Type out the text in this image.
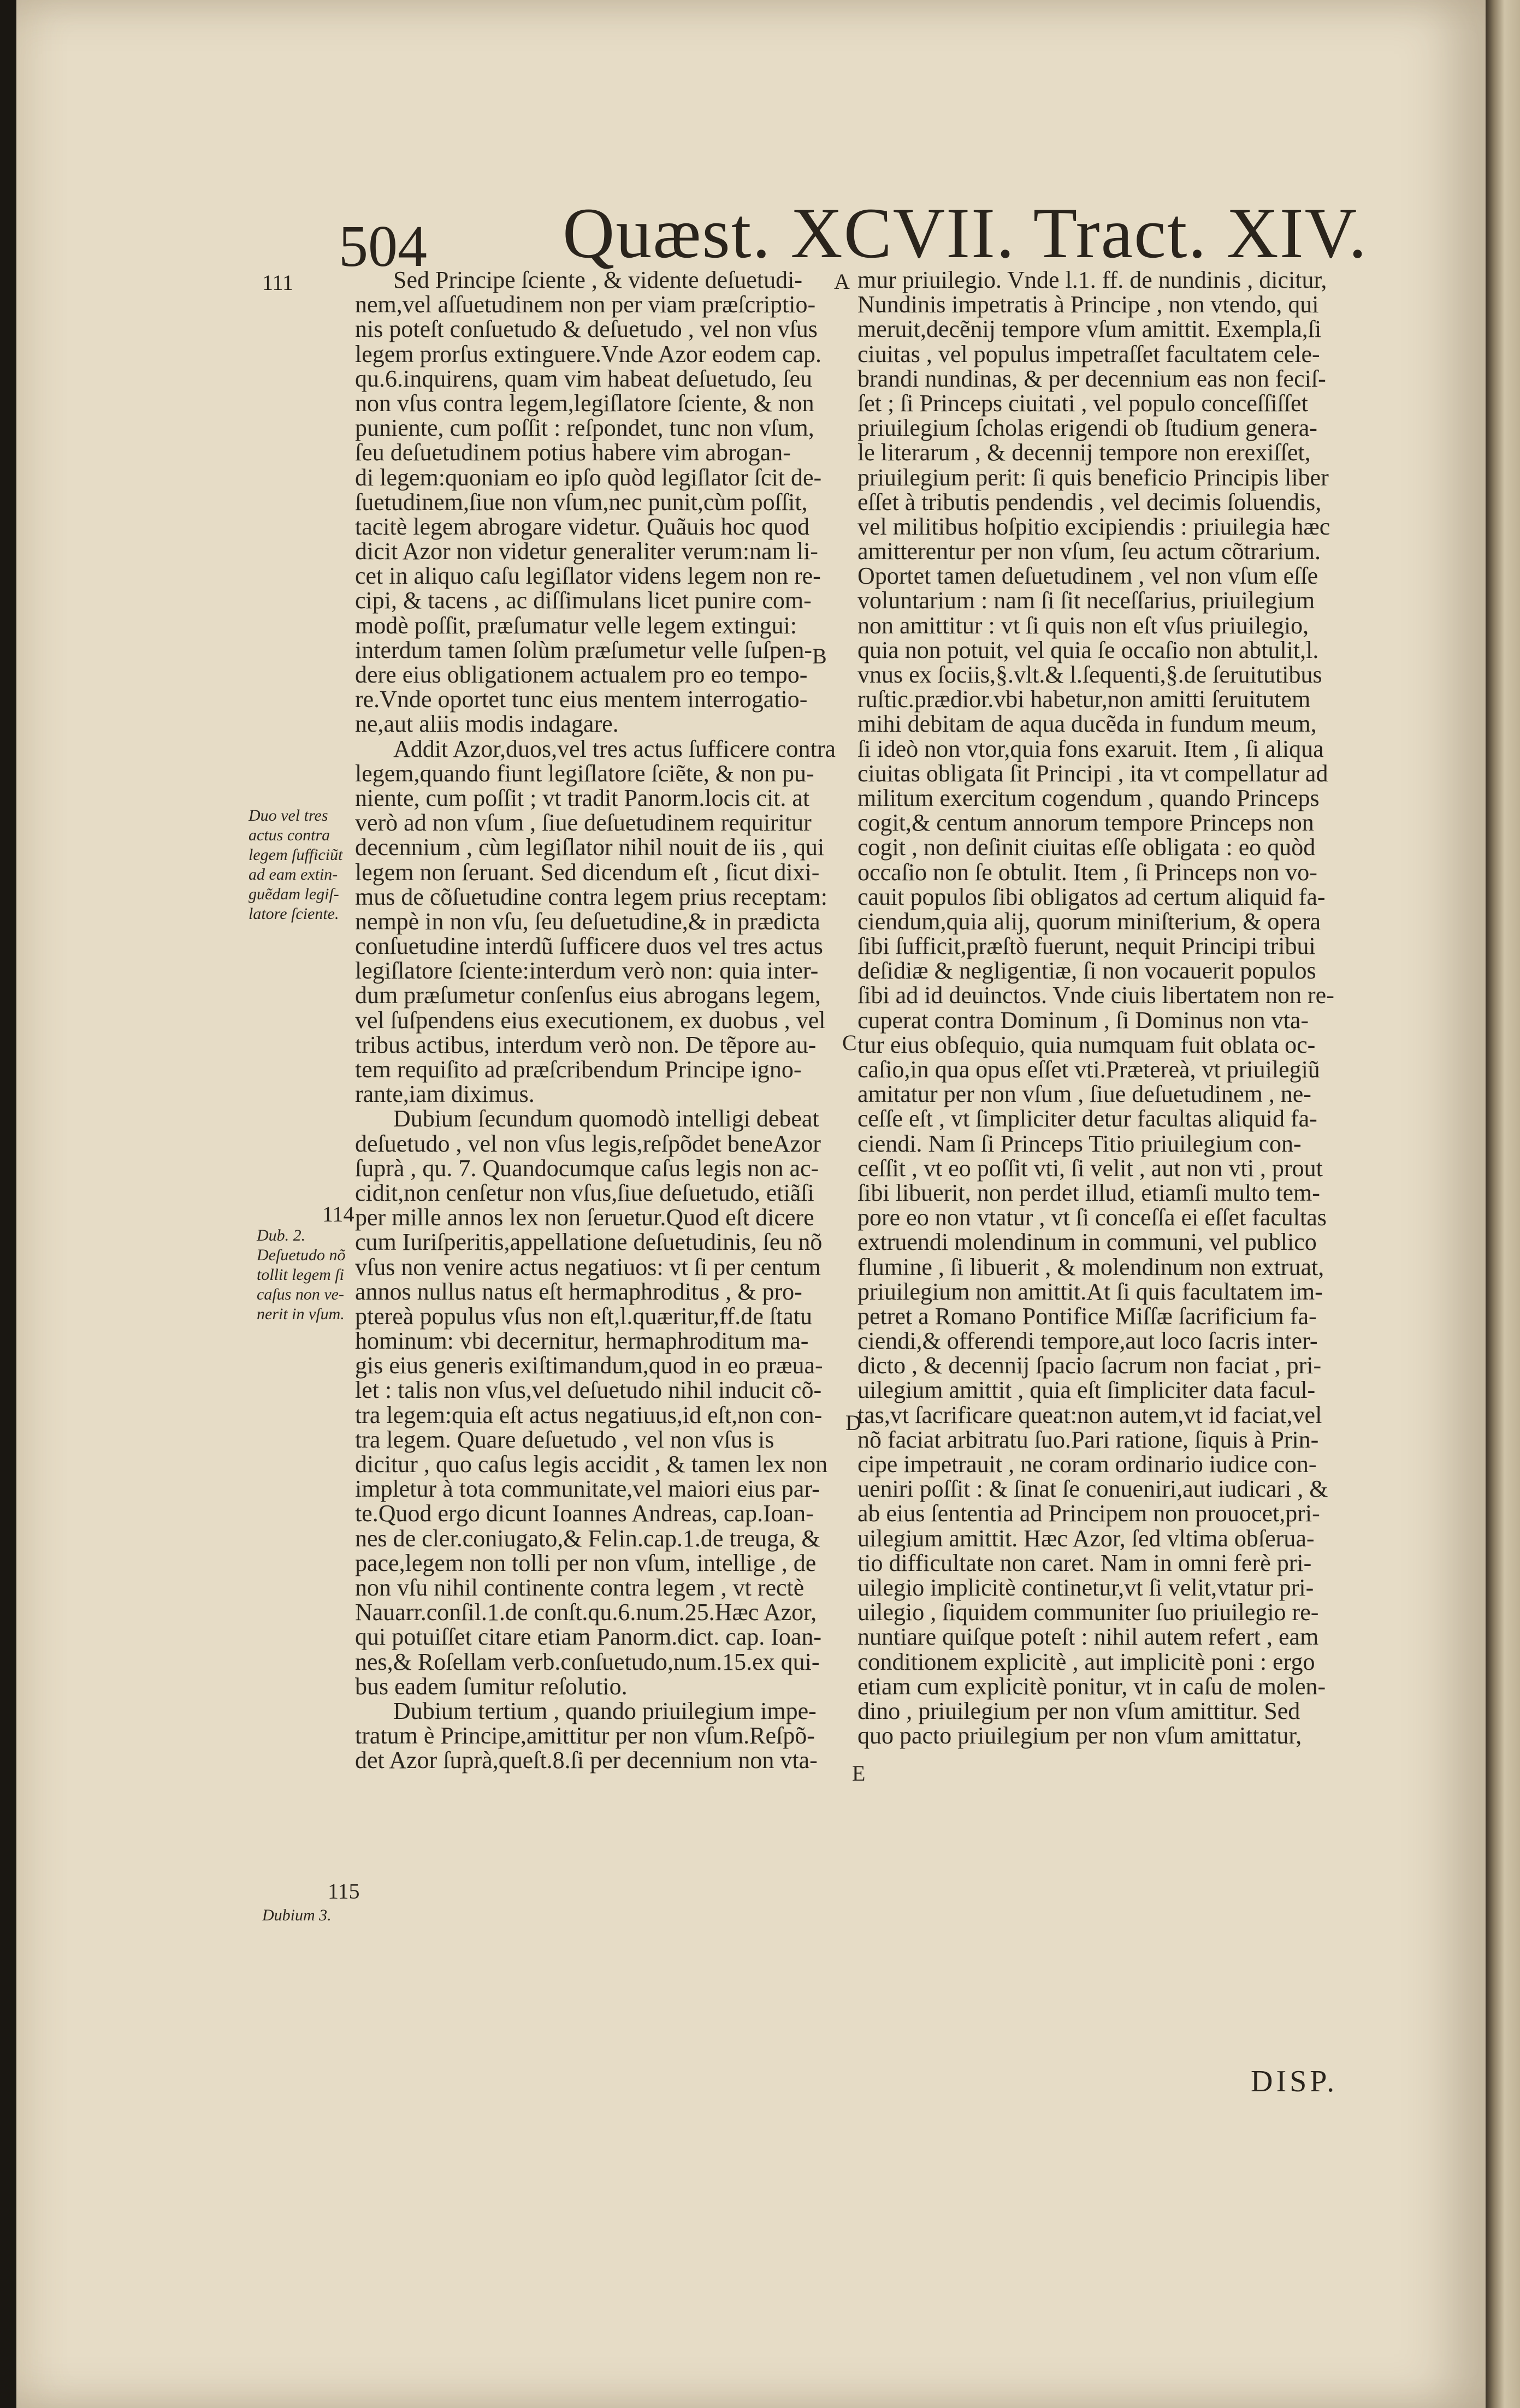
504 Quæst. XCVII. Tract. XIV.
111
114
115
Duo vel tres
actus contra
legem ſufficiũt
ad eam extin-
guẽdam legiſ-
latore ſciente.
Dub. 2.
Deſuetudo nõ
tollit legem ſi
caſus non ve-
nerit in vſum.
Dubium 3.
A
B
C
D
E
Sed Principe ſciente , & vidente deſuetudi-
nem,vel aſſuetudinem non per viam præſcriptio-
nis poteſt conſuetudo & deſuetudo , vel non vſus
legem prorſus extinguere.Vnde Azor eodem cap.
qu.6.inquirens, quam vim habeat deſuetudo, ſeu
non vſus contra legem,legiſlatore ſciente, & non
puniente, cum poſſit : reſpondet, tunc non vſum,
ſeu deſuetudinem potius habere vim abrogan-
di legem:quoniam eo ipſo quòd legiſlator ſcit de-
ſuetudinem,ſiue non vſum,nec punit,cùm poſſit,
tacitè legem abrogare videtur. Quãuis hoc quod
dicit Azor non videtur generaliter verum:nam li-
cet in aliquo caſu legiſlator videns legem non re-
cipi, & tacens , ac diſſimulans licet punire com-
modè poſſit, præſumatur velle legem extingui:
interdum tamen ſolùm præſumetur velle ſuſpen-
dere eius obligationem actualem pro eo tempo-
re.Vnde oportet tunc eius mentem interrogatio-
ne,aut aliis modis indagare.
Addit Azor,duos,vel tres actus ſufficere contra
legem,quando fiunt legiſlatore ſciẽte, & non pu-
niente, cum poſſit ; vt tradit Panorm.locis cit. at
verò ad non vſum , ſiue deſuetudinem requiritur
decennium , cùm legiſlator nihil nouit de iis , qui
legem non ſeruant. Sed dicendum eſt , ſicut dixi-
mus de cõſuetudine contra legem prius receptam:
nempè in non vſu, ſeu deſuetudine,& in prædicta
conſuetudine interdũ ſufficere duos vel tres actus
legiſlatore ſciente:interdum verò non: quia inter-
dum præſumetur conſenſus eius abrogans legem,
vel ſuſpendens eius executionem, ex duobus , vel
tribus actibus, interdum verò non. De tẽpore au-
tem requiſito ad præſcribendum Principe igno-
rante,iam diximus.
Dubium ſecundum quomodò intelligi debeat
deſuetudo , vel non vſus legis,reſpõdet beneAzor
ſuprà , qu. 7. Quandocumque caſus legis non ac-
cidit,non cenſetur non vſus,ſiue deſuetudo, etiãſi
per mille annos lex non ſeruetur.Quod eſt dicere
cum Iuriſperitis,appellatione deſuetudinis, ſeu nõ
vſus non venire actus negatiuos: vt ſi per centum
annos nullus natus eſt hermaphroditus , & pro-
ptereà populus vſus non eſt,l.quæritur,ff.de ſtatu
hominum: vbi decernitur, hermaphroditum ma-
gis eius generis exiſtimandum,quod in eo præua-
let : talis non vſus,vel deſuetudo nihil inducit cõ-
tra legem:quia eſt actus negatiuus,id eſt,non con-
tra legem. Quare deſuetudo , vel non vſus is
dicitur , quo caſus legis accidit , & tamen lex non
impletur à tota communitate,vel maiori eius par-
te.Quod ergo dicunt Ioannes Andreas, cap.Ioan-
nes de cler.coniugato,& Felin.cap.1.de treuga, &
pace,legem non tolli per non vſum, intellige , de
non vſu nihil continente contra legem , vt rectè
Nauarr.conſil.1.de conſt.qu.6.num.25.Hæc Azor,
qui potuiſſet citare etiam Panorm.dict. cap. Ioan-
nes,& Roſellam verb.conſuetudo,num.15.ex qui-
bus eadem ſumitur reſolutio.
Dubium tertium , quando priuilegium impe-
tratum è Principe,amittitur per non vſum.Reſpõ-
det Azor ſuprà,queſt.8.ſi per decennium non vta-
mur priuilegio. Vnde l.1. ff. de nundinis , dicitur,
Nundinis impetratis à Principe , non vtendo, qui
meruit,decẽnij tempore vſum amittit. Exempla,ſi
ciuitas , vel populus impetraſſet facultatem cele-
brandi nundinas, & per decennium eas non feciſ-
ſet ; ſi Princeps ciuitati , vel populo conceſſiſſet
priuilegium ſcholas erigendi ob ſtudium genera-
le literarum , & decennij tempore non erexiſſet,
priuilegium perit: ſi quis beneficio Principis liber
eſſet à tributis pendendis , vel decimis ſoluendis,
vel militibus hoſpitio excipiendis : priuilegia hæc
amitterentur per non vſum, ſeu actum cõtrarium.
Oportet tamen deſuetudinem , vel non vſum eſſe
voluntarium : nam ſi ſit neceſſarius, priuilegium
non amittitur : vt ſi quis non eſt vſus priuilegio,
quia non potuit, vel quia ſe occaſio non abtulit,l.
vnus ex ſociis,§.vlt.& l.ſequenti,§.de ſeruitutibus
ruſtic.prædior.vbi habetur,non amitti ſeruitutem
mihi debitam de aqua ducẽda in fundum meum,
ſi ideò non vtor,quia fons exaruit. Item , ſi aliqua
ciuitas obligata ſit Principi , ita vt compellatur ad
militum exercitum cogendum , quando Princeps
cogit,& centum annorum tempore Princeps non
cogit , non deſinit ciuitas eſſe obligata : eo quòd
occaſio non ſe obtulit. Item , ſi Princeps non vo-
cauit populos ſibi obligatos ad certum aliquid fa-
ciendum,quia alij, quorum miniſterium, & opera
ſibi ſufficit,præſtò fuerunt, nequit Principi tribui
deſidiæ & negligentiæ, ſi non vocauerit populos
ſibi ad id deuinctos. Vnde ciuis libertatem non re-
cuperat contra Dominum , ſi Dominus non vta-
tur eius obſequio, quia numquam fuit oblata oc-
caſio,in qua opus eſſet vti.Prætereà, vt priuilegiũ
amitatur per non vſum , ſiue deſuetudinem , ne-
ceſſe eſt , vt ſimpliciter detur facultas aliquid fa-
ciendi. Nam ſi Princeps Titio priuilegium con-
ceſſit , vt eo poſſit vti, ſi velit , aut non vti , prout
ſibi libuerit, non perdet illud, etiamſi multo tem-
pore eo non vtatur , vt ſi conceſſa ei eſſet facultas
extruendi molendinum in communi, vel publico
flumine , ſi libuerit , & molendinum non extruat,
priuilegium non amittit.At ſi quis facultatem im-
petret a Romano Pontifice Miſſæ ſacrificium fa-
ciendi,& offerendi tempore,aut loco ſacris inter-
dicto , & decennij ſpacio ſacrum non faciat , pri-
uilegium amittit , quia eſt ſimpliciter data facul-
tas,vt ſacrificare queat:non autem,vt id faciat,vel
nõ faciat arbitratu ſuo.Pari ratione, ſiquis à Prin-
cipe impetrauit , ne coram ordinario iudice con-
ueniri poſſit : & ſinat ſe conueniri,aut iudicari , &
ab eius ſententia ad Principem non prouocet,pri-
uilegium amittit. Hæc Azor, ſed vltima obſerua-
tio difficultate non caret. Nam in omni ferè pri-
uilegio implicitè continetur,vt ſi velit,vtatur pri-
uilegio , ſiquidem communiter ſuo priuilegio re-
nuntiare quiſque poteſt : nihil autem refert , eam
conditionem explicitè , aut implicitè poni : ergo
etiam cum explicitè ponitur, vt in caſu de molen-
dino , priuilegium per non vſum amittitur. Sed
quo pacto priuilegium per non vſum amittatur,
DISP.
